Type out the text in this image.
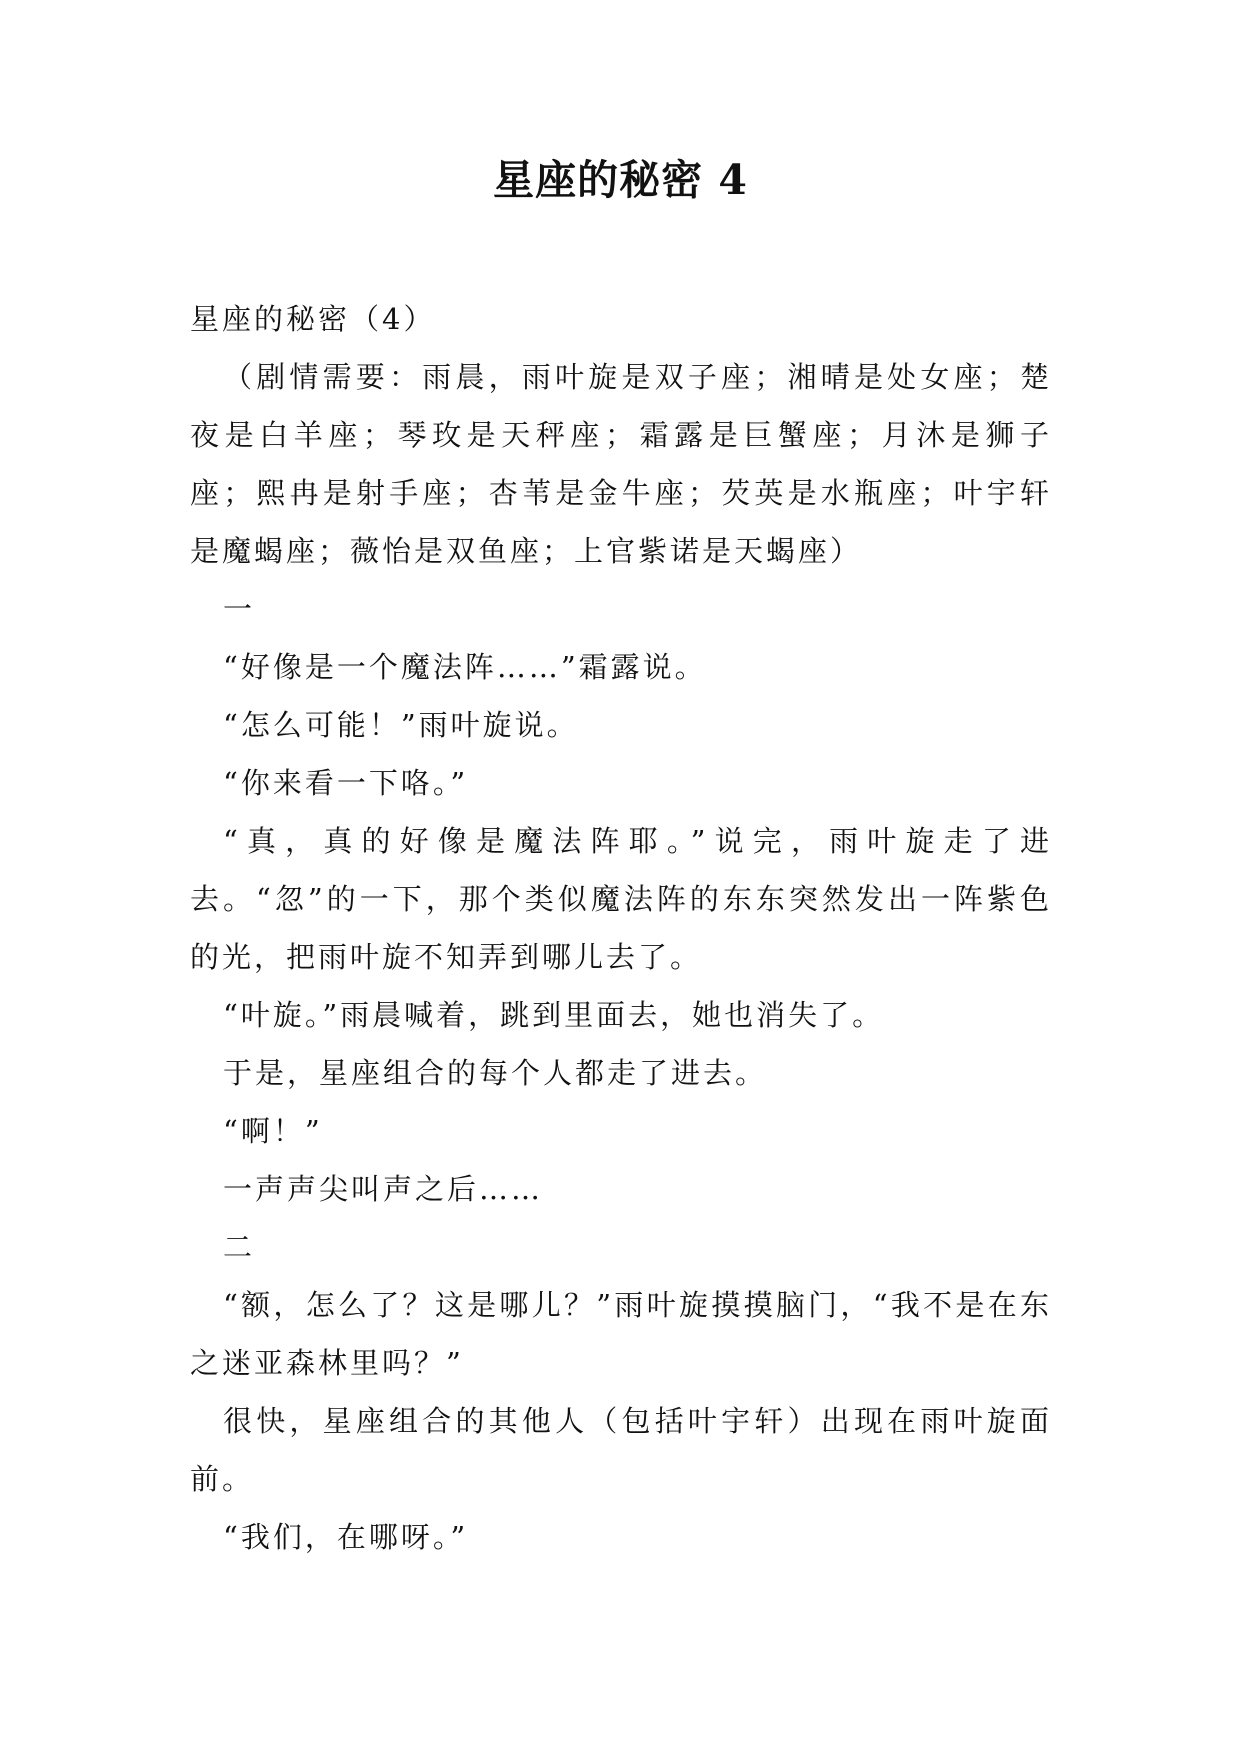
星座的秘密 4

星座的秘密（4）

（剧情需要：雨晨，雨叶旋是双子座；湘晴是处女座；楚夜是白羊座；琴玫是天秤座；霜露是巨蟹座；月沐是狮子座；熙冉是射手座；杏苇是金牛座；芡英是水瓶座；叶宇轩是魔蝎座；薇怡是双鱼座；上官紫诺是天蝎座）

一

“好像是一个魔法阵……”霜露说。

“怎么可能！”雨叶旋说。

“你来看一下咯。”

“真，真的好像是魔法阵耶。”说完，雨叶旋走了进去。“忽”的一下，那个类似魔法阵的东东突然发出一阵紫色的光，把雨叶旋不知弄到哪儿去了。

“叶旋。”雨晨喊着，跳到里面去，她也消失了。

于是，星座组合的每个人都走了进去。

“啊！”

一声声尖叫声之后……

二

“额，怎么了？这是哪儿？”雨叶旋摸摸脑门，“我不是在东之迷亚森林里吗？”

很快，星座组合的其他人（包括叶宇轩）出现在雨叶旋面前。

“我们，在哪呀。”
